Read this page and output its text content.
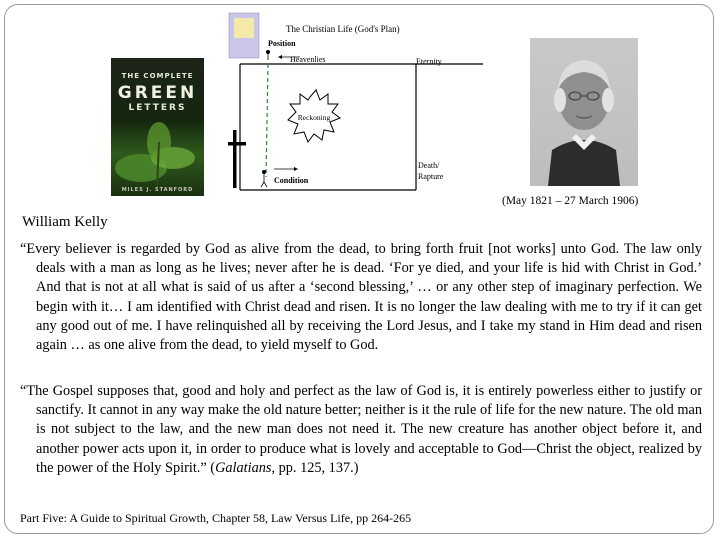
THE COMPLETE
GREEN
LETTERS
MILES J. STANFORD
The Christian Life (God's Plan)
Position
Heavenlies	Eternity
Reckoning
Death/
Rapture
Condition
(May 1821 – 27 March 1906)
William Kelly

“Every believer is regarded by God as alive from the dead, to bring forth fruit [not works] unto God. The law only deals with a man as long as he lives; never after he is dead. ‘For ye died, and your life is hid with Christ in God.’ And that is not at all what is said of us after a ‘second blessing,’ … or any other step of imaginary perfection. We begin with it… I am identified with Christ dead and risen. It is no longer the law dealing with me to try if it can get any good out of me. I have relinquished all by receiving the Lord Jesus, and I take my stand in Him dead and risen again … as one alive from the dead, to yield myself to God.

“The Gospel supposes that, good and holy and perfect as the law of God is, it is entirely powerless either to justify or sanctify. It cannot in any way make the old nature better; neither is it the rule of life for the new nature. The old man is not subject to the law, and the new man does not need it. The new creature has another object before it, and another power acts upon it, in order to produce what is lovely and acceptable to God—Christ the object, realized by the power of the Holy Spirit.” (Galatians, pp. 125, 137.)

Part Five: A Guide to Spiritual Growth, Chapter 58, Law Versus Life, pp 264-265
